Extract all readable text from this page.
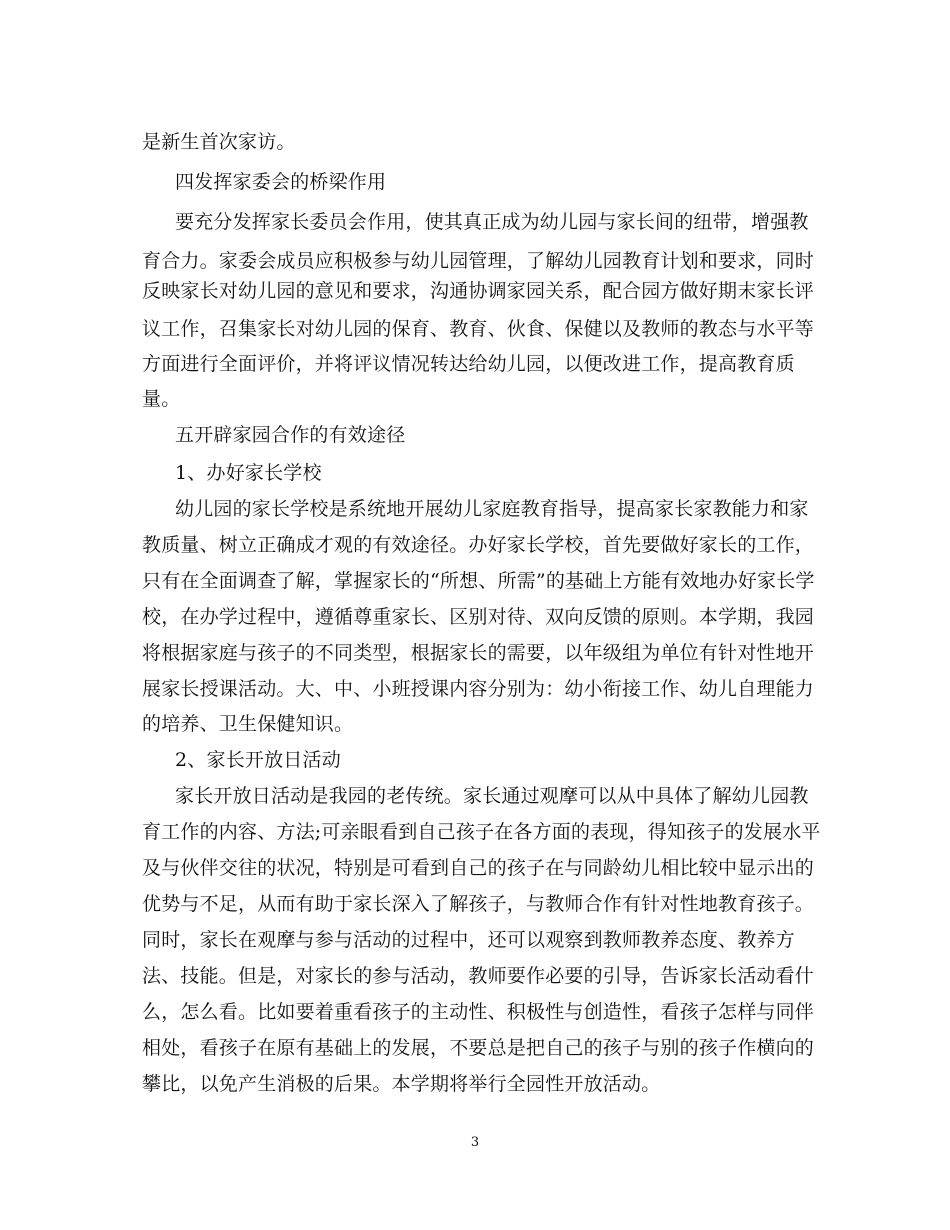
是新生首次家访。
四发挥家委会的桥梁作用
要充分发挥家长委员会作用，使其真正成为幼儿园与家长间的纽带，增强教
育合力。家委会成员应积极参与幼儿园管理，了解幼儿园教育计划和要求，同时
反映家长对幼儿园的意见和要求，沟通协调家园关系，配合园方做好期末家长评
议工作，召集家长对幼儿园的保育、教育、伙食、保健以及教师的教态与水平等
方面进行全面评价，并将评议情况转达给幼儿园，以便改进工作，提高教育质
量。
五开辟家园合作的有效途径
1、办好家长学校
幼儿园的家长学校是系统地开展幼儿家庭教育指导，提高家长家教能力和家
教质量、树立正确成才观的有效途径。办好家长学校，首先要做好家长的工作，
只有在全面调查了解，掌握家长的“所想、所需”的基础上方能有效地办好家长学
校，在办学过程中，遵循尊重家长、区别对待、双向反馈的原则。本学期，我园
将根据家庭与孩子的不同类型，根据家长的需要，以年级组为单位有针对性地开
展家长授课活动。大、中、小班授课内容分别为：幼小衔接工作、幼儿自理能力
的培养、卫生保健知识。
2、家长开放日活动
家长开放日活动是我园的老传统。家长通过观摩可以从中具体了解幼儿园教
育工作的内容、方法;可亲眼看到自己孩子在各方面的表现，得知孩子的发展水平
及与伙伴交往的状况，特别是可看到自己的孩子在与同龄幼儿相比较中显示出的
优势与不足，从而有助于家长深入了解孩子，与教师合作有针对性地教育孩子。
同时，家长在观摩与参与活动的过程中，还可以观察到教师教养态度、教养方
法、技能。但是，对家长的参与活动，教师要作必要的引导，告诉家长活动看什
么，怎么看。比如要着重看孩子的主动性、积极性与创造性，看孩子怎样与同伴
相处，看孩子在原有基础上的发展，不要总是把自己的孩子与别的孩子作横向的
攀比，以免产生消极的后果。本学期将举行全园性开放活动。
3
